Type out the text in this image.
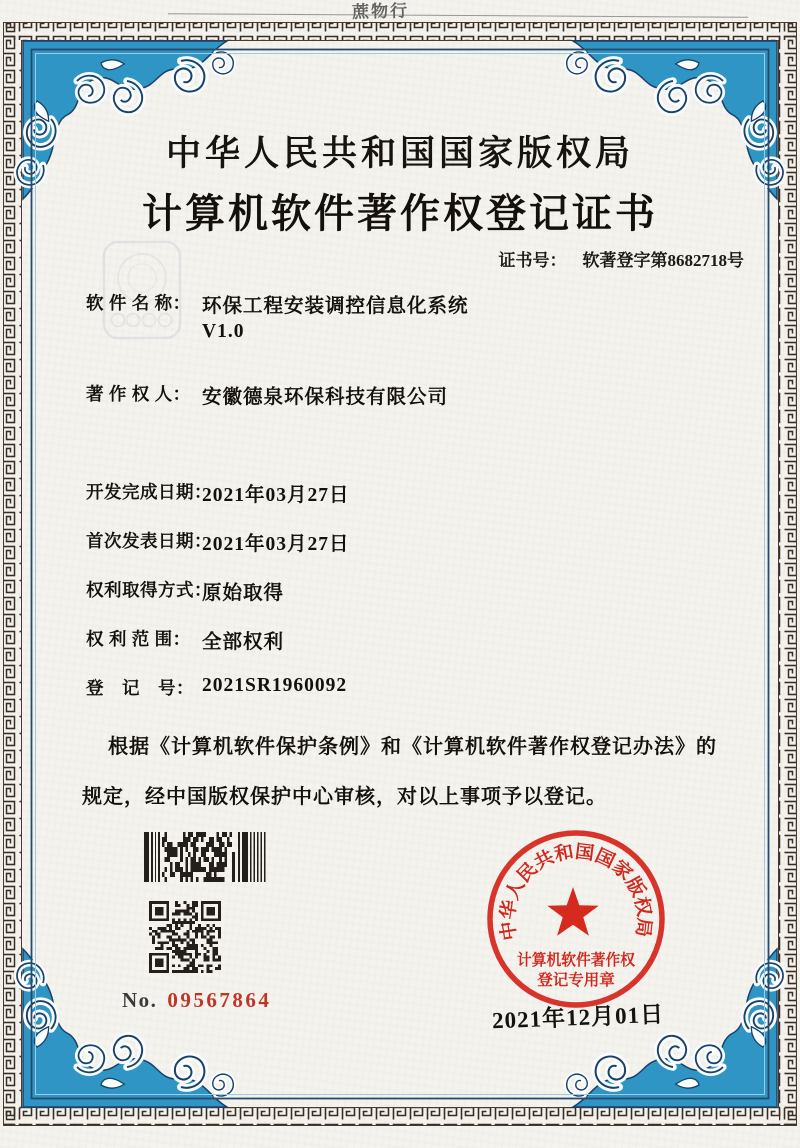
蔗物行
中华人民共和国国家版权局
计算机软件著作权登记证书
证书号： 软著登字第8682718号
软 件 名 称： 环保工程安装调控信息化系统
V1.0
著 作 权 人： 安徽德泉环保科技有限公司
开发完成日期：
2021年03月27日
首次发表日期：
2021年03月27日
权利取得方式：
原始取得
权 利 范 围： 全部权利
登　记　号： 2021SR1960092
根据《计算机软件保护条例》和《计算机软件著作权登记办法》的
规定，经中国版权保护中心审核，对以上事项予以登记。
No. 09567864
中华人民共和国国家版权局
计算机软件著作权
登记专用章
2021年12月01日
